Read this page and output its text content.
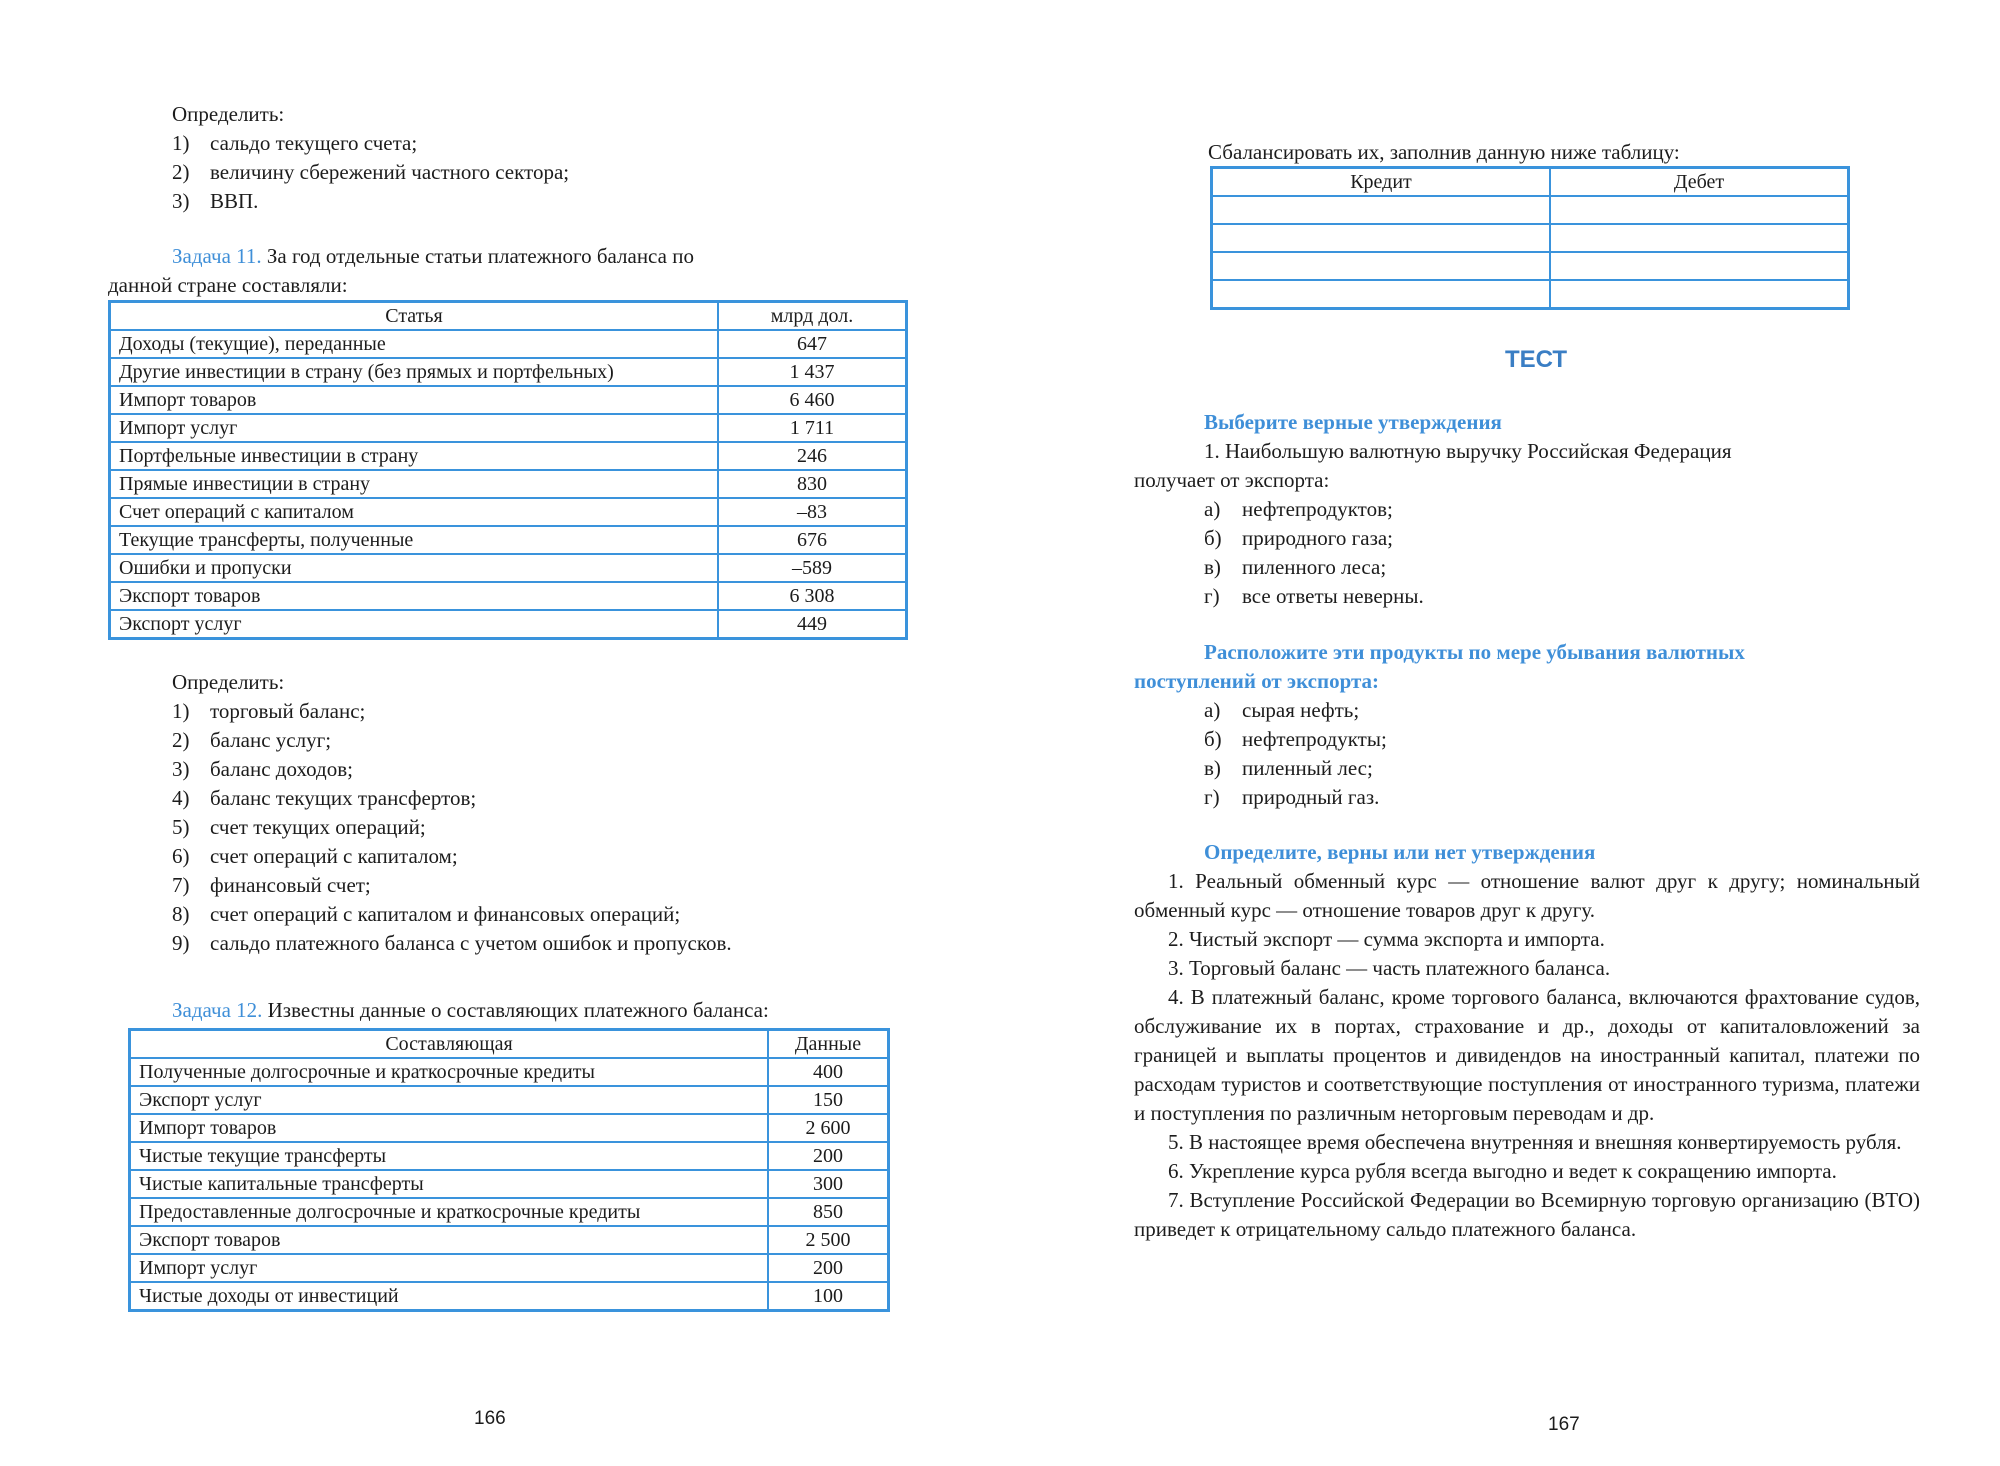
Определить:
1) сальдо текущего счета;
2) величину сбережений частного сектора;
3) ВВП.
Задача 11. За год отдельные статьи платежного баланса по
данной стране составляли:
Статья	млрд дол.
Доходы (текущие), переданные	647
Другие инвестиции в страну (без прямых и портфельных)	1 437
Импорт товаров	6 460
Импорт услуг	1 711
Портфельные инвестиции в страну	246
Прямые инвестиции в страну	830
Счет операций с капиталом	–83
Текущие трансферты, полученные	676
Ошибки и пропуски	–589
Экспорт товаров	6 308
Экспорт услуг	449
Определить:
1) торговый баланс;
2) баланс услуг;
3) баланс доходов;
4) баланс текущих трансфертов;
5) счет текущих операций;
6) счет операций с капиталом;
7) финансовый счет;
8) счет операций с капиталом и финансовых операций;
9) сальдо платежного баланса с учетом ошибок и пропусков.
Задача 12. Известны данные о составляющих платежного баланса:
Составляющая	Данные
Полученные долгосрочные и краткосрочные кредиты	400
Экспорт услуг	150
Импорт товаров	2 600
Чистые текущие трансферты	200
Чистые капитальные трансферты	300
Предоставленные долгосрочные и краткосрочные кредиты	850
Экспорт товаров	2 500
Импорт услуг	200
Чистые доходы от инвестиций	100
166
Сбалансировать их, заполнив данную ниже таблицу:
Кредит	Дебет

ТЕСТ
Выберите верные утверждения
1. Наибольшую валютную выручку Российская Федерация
получает от экспорта:
а)	нефтепродуктов;
б) природного газа;
в)	пиленного леса;
г)	все ответы неверны.
Расположите эти продукты по мере убывания валютных
поступлений от экспорта:
а)	сырая нефть;
б) нефтепродукты;
в)	пиленный лес;
г)	природный газ.
Определите, верны или нет утверждения
1. Реальный обменный курс — отношение валют друг к другу; номинальный обменный курс — отношение товаров друг к другу.
2. Чистый экспорт — сумма экспорта и импорта.
3. Торговый баланс — часть платежного баланса.
4. В платежный баланс, кроме торгового баланса, включаются фрахтование судов, обслуживание их в портах, страхование и др., доходы от капиталовложений за границей и выплаты процентов и дивидендов на иностранный капитал, платежи по расходам туристов и соответствующие поступления от иностранного туризма, платежи и поступления по различным неторговым переводам и др.
5. В настоящее время обеспечена внутренняя и внешняя конвертируемость рубля.
6. Укрепление курса рубля всегда выгодно и ведет к сокращению импорта.
7. Вступление Российской Федерации во Всемирную торговую организацию (ВТО) приведет к отрицательному сальдо платежного баланса.
167
